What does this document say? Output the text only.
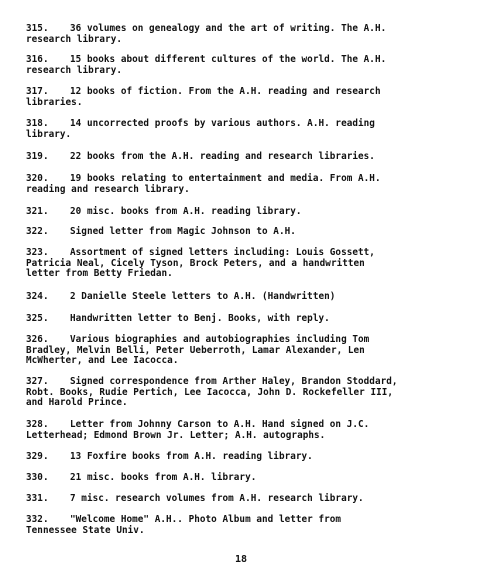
315. 36 volumes on genealogy and the art of writing. The A.H.
research library.
316. 15 books about different cultures of the world. The A.H.
research library.
317. 12 books of fiction. From the A.H. reading and research
libraries.
318. 14 uncorrected proofs by various authors. A.H. reading
library.
319. 22 books from the A.H. reading and research libraries.
320. 19 books relating to entertainment and media. From A.H.
reading and research library.
321. 20 misc. books from A.H. reading library.
322. Signed letter from Magic Johnson to A.H.
323. Assortment of signed letters including: Louis Gossett,
Patricia Neal, Cicely Tyson, Brock Peters, and a handwritten
letter from Betty Friedan.
324. 2 Danielle Steele letters to A.H. (Handwritten)
325. Handwritten letter to Benj. Books, with reply.
326. Various biographies and autobiographies including Tom
Bradley, Melvin Belli, Peter Ueberroth, Lamar Alexander, Len
McWherter, and Lee Iacocca.
327. Signed correspondence from Arther Haley, Brandon Stoddard,
Robt. Books, Rudie Pertich, Lee Iacocca, John D. Rockefeller III,
and Harold Prince.
328. Letter from Johnny Carson to A.H. Hand signed on J.C.
Letterhead; Edmond Brown Jr. Letter; A.H. autographs.
329. 13 Foxfire books from A.H. reading library.
330. 21 misc. books from A.H. library.
331. 7 misc. research volumes from A.H. research library.
332. "Welcome Home" A.H.. Photo Album and letter from
Tennessee State Univ.
18
